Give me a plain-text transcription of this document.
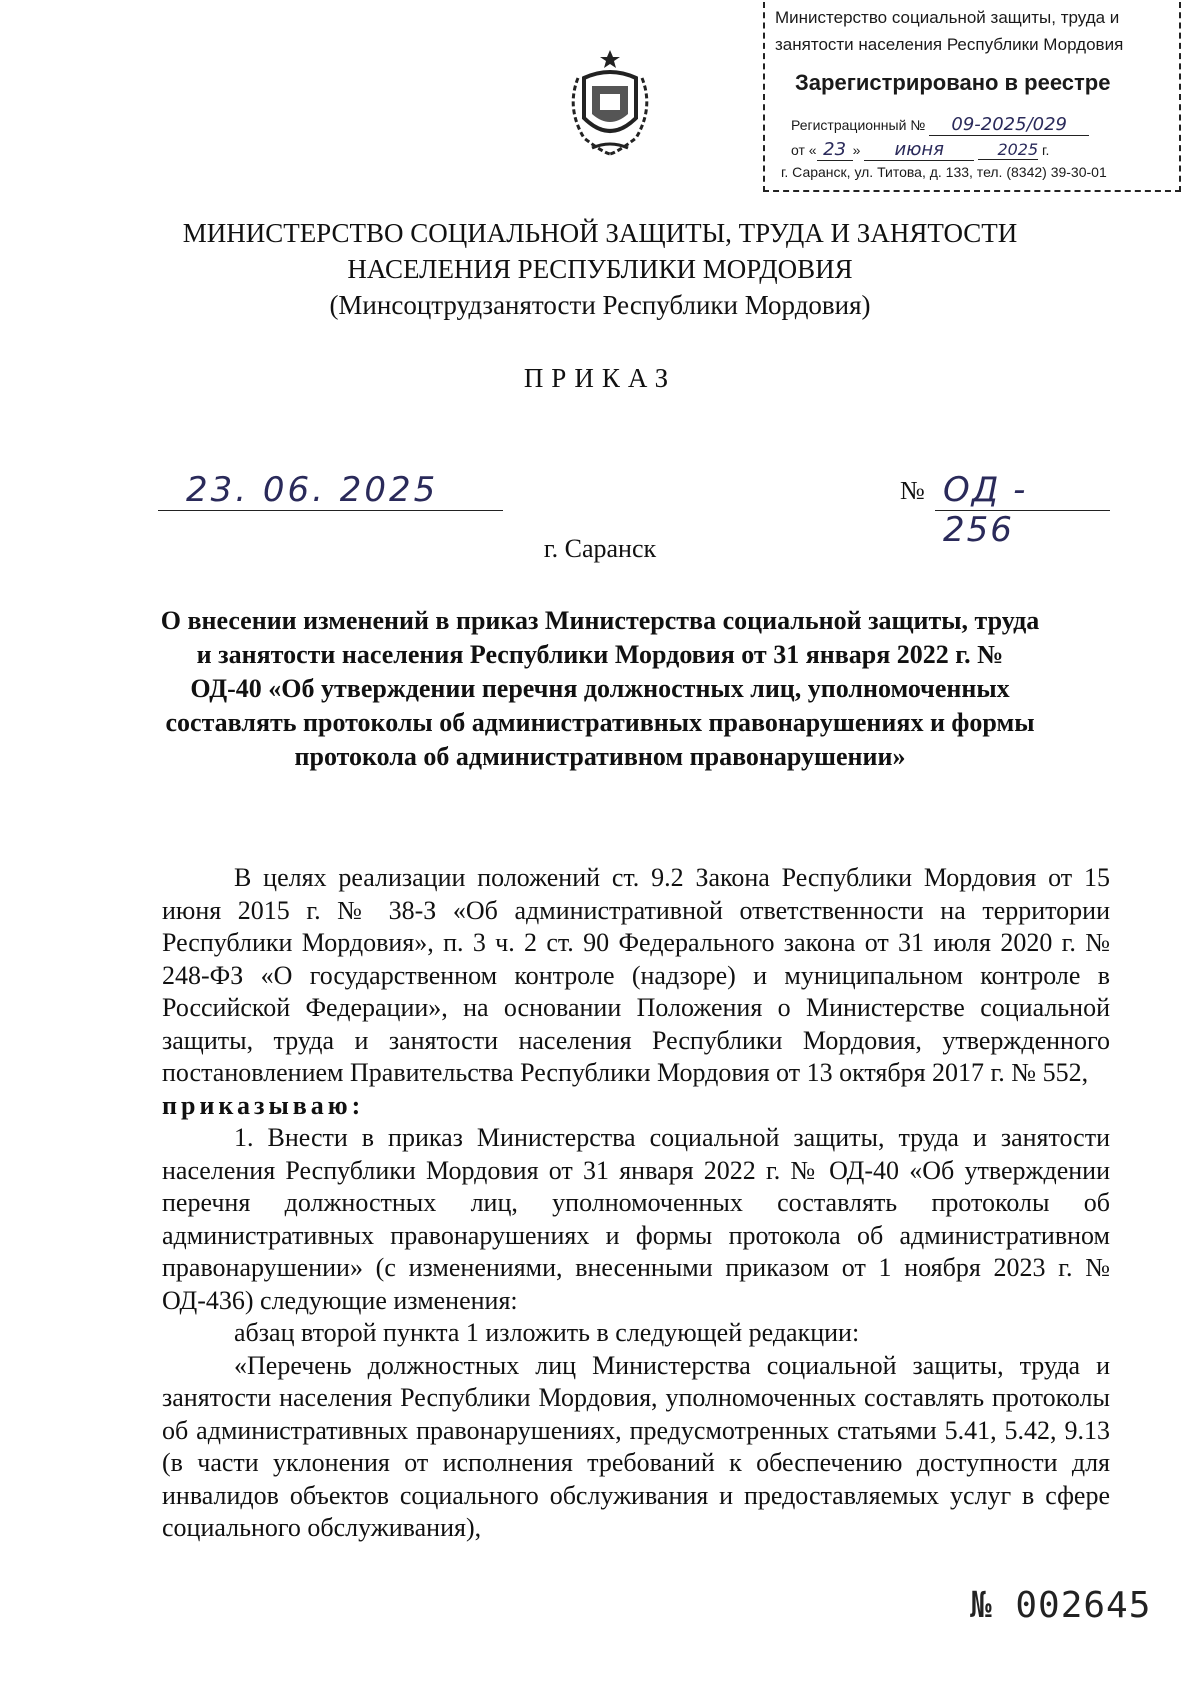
Министерство социальной защиты, труда и
занятости населения Республики Мордовия
Зарегистрировано в реестре
Регистрационный № 09-2025/029
от « 23 » июня	2025 г.
г. Саранск, ул. Титова, д. 133, тел. (8342) 39-30-01
МИНИСТЕРСТВО СОЦИАЛЬНОЙ ЗАЩИТЫ, ТРУДА И ЗАНЯТОСТИ
НАСЕЛЕНИЯ РЕСПУБЛИКИ МОРДОВИЯ
(Минсоцтрудзанятости Республики Мордовия)
ПРИКАЗ
23. 06. 2025	№ ОД - 256
г. Саранск
О внесении изменений в приказ Министерства социальной защиты, труда и занятости населения Республики Мордовия от 31 января 2022 г. № ОД-40 «Об утверждении перечня должностных лиц, уполномоченных составлять протоколы об административных правонарушениях и формы протокола об административном правонарушении»

В целях реализации положений ст. 9.2 Закона Республики Мордовия от 15 июня 2015 г. № 38-З «Об административной ответственности на территории Республики Мордовия», п. 3 ч. 2 ст. 90 Федерального закона от 31 июля 2020 г. № 248-ФЗ «О государственном контроле (надзоре) и муниципальном контроле в Российской Федерации», на основании Положения о Министерстве социальной защиты, труда и занятости населения Республики Мордовия, утвержденного постановлением Правительства Республики Мордовия от 13 октября 2017 г. № 552,

приказываю:

1. Внести в приказ Министерства социальной защиты, труда и занятости населения Республики Мордовия от 31 января 2022 г. № ОД-40 «Об утверждении перечня должностных лиц, уполномоченных составлять протоколы об административных правонарушениях и формы протокола об административном правонарушении» (с изменениями, внесенными приказом от 1 ноября 2023 г. № ОД-436) следующие изменения:

абзац второй пункта 1 изложить в следующей редакции:

«Перечень должностных лиц Министерства социальной защиты, труда и занятости населения Республики Мордовия, уполномоченных составлять протоколы об административных правонарушениях, предусмотренных статьями 5.41, 5.42, 9.13 (в части уклонения от исполнения требований к обеспечению доступности для инвалидов объектов социального обслуживания и предоставляемых услуг в сфере социального обслуживания),

№ 002645
